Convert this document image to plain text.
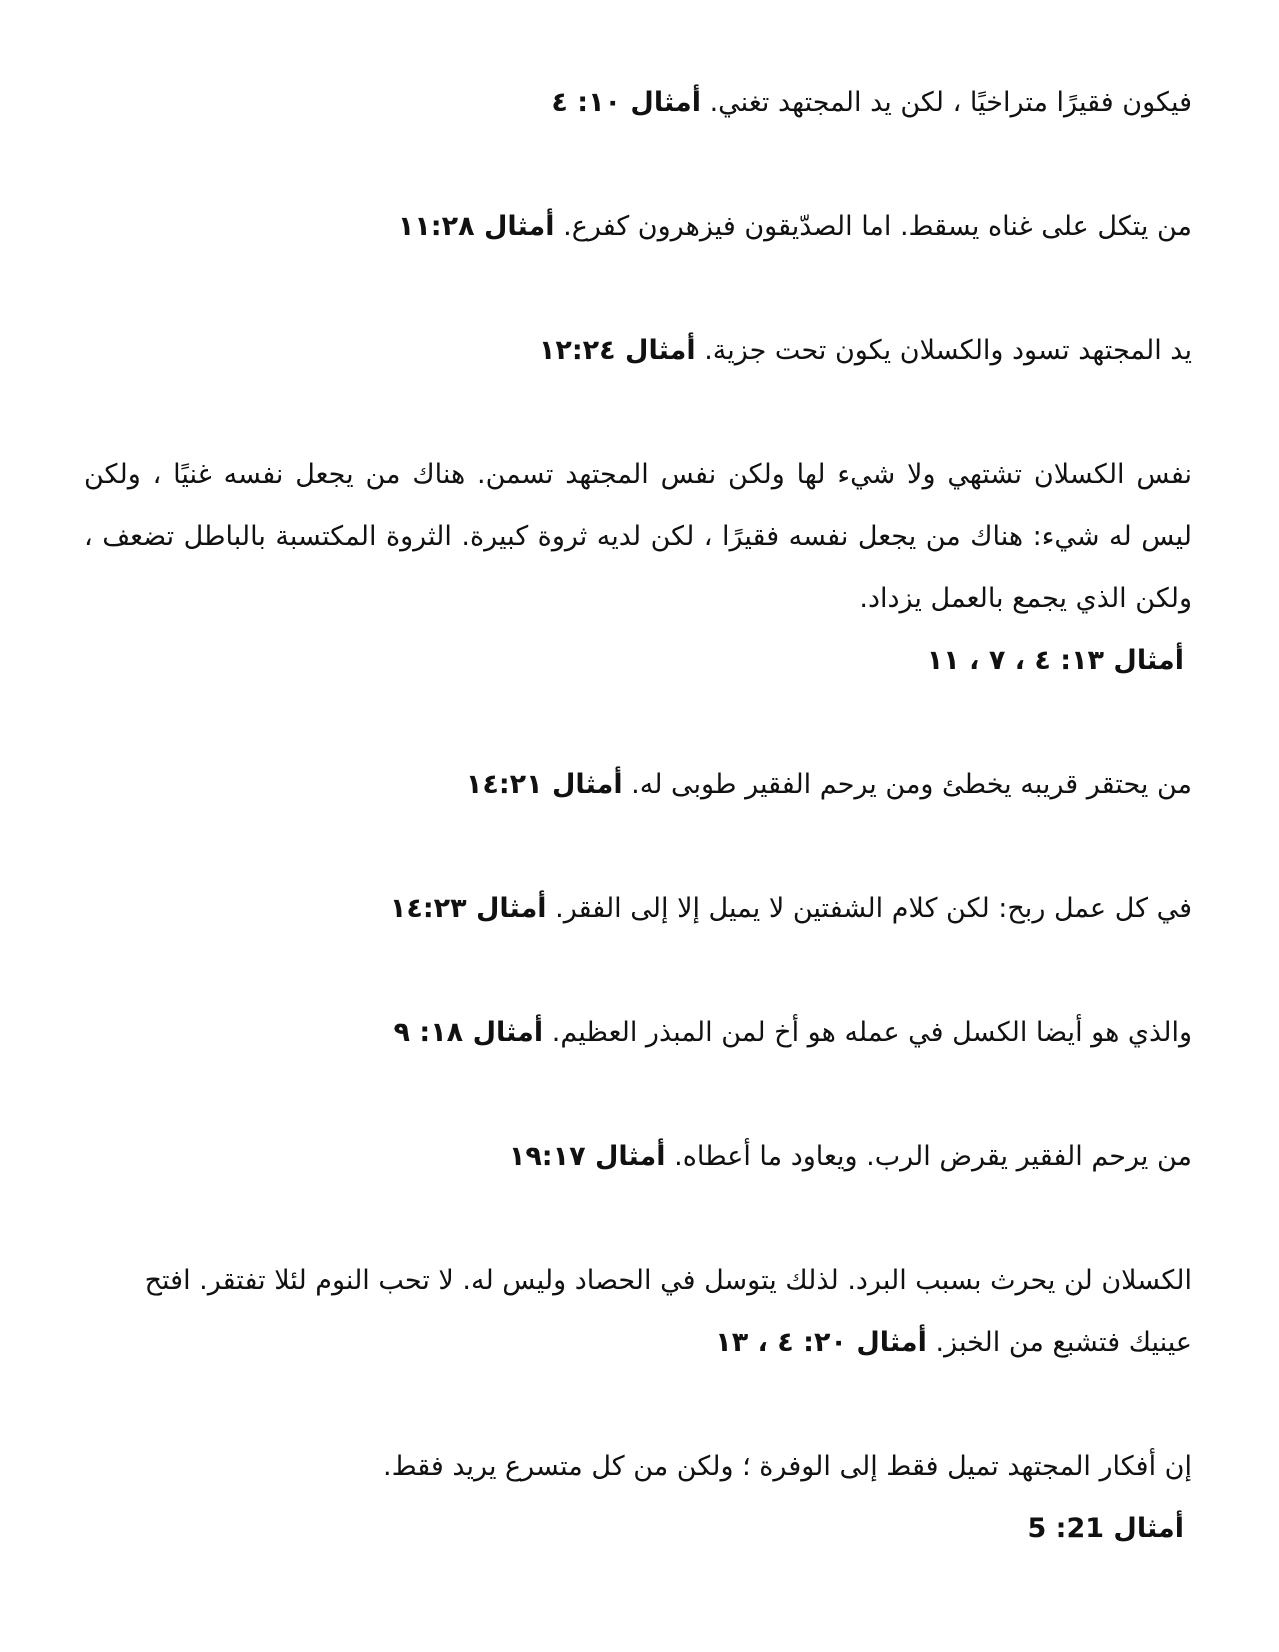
فيكون فقيرًا متراخيًا ، لكن يد المجتهد تغني. أمثال ١٠: ٤

من يتكل على غناه يسقط. اما الصدّيقون فيزهرون كفرع. أمثال ١١:٢٨

يد المجتهد تسود والكسلان يكون تحت جزية. أمثال ١٢:٢٤

نفس الكسلان تشتهي ولا شيء لها ولكن نفس المجتهد تسمن. هناك من يجعل نفسه غنيًا ، ولكن ليس له شيء: هناك من يجعل نفسه فقيرًا ، لكن لديه ثروة كبيرة. الثروة المكتسبة بالباطل تضعف ، ولكن الذي يجمع بالعمل يزداد.
أمثال ١٣: ٤ ، ٧ ، ١١

من يحتقر قريبه يخطئ ومن يرحم الفقير طوبى له. أمثال ١٤:٢١

في كل عمل ربح: لكن كلام الشفتين لا يميل إلا إلى الفقر. أمثال ١٤:٢٣

والذي هو أيضا الكسل في عمله هو أخ لمن المبذر العظيم. أمثال ١٨: ٩

من يرحم الفقير يقرض الرب. ويعاود ما أعطاه. أمثال ١٩:١٧

الكسلان لن يحرث بسبب البرد. لذلك يتوسل في الحصاد وليس له. لا تحب النوم لئلا تفتقر. افتح عينيك فتشبع من الخبز. أمثال ٢٠: ٤ ، ١٣

إن أفكار المجتهد تميل فقط إلى الوفرة ؛ ولكن من كل متسرع يريد فقط.
أمثال 21: 5
